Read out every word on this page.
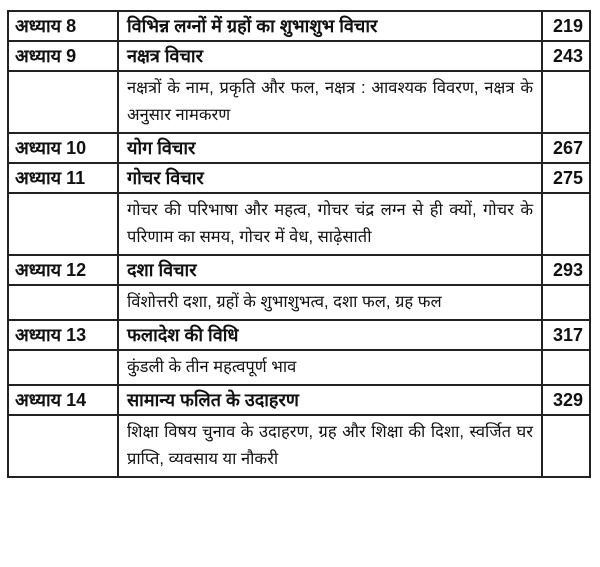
अध्याय 8	विभिन्न लग्नों में ग्रहों का शुभाशुभ विचार	219
अध्याय 9	नक्षत्र विचार	243
	नक्षत्रों के नाम, प्रकृति और फल, नक्षत्र : आवश्यक विवरण, नक्षत्र के अनुसार नामकरण	
अध्याय 10	योग विचार	267
अध्याय 11	गोचर विचार	275
	गोचर की परिभाषा और महत्व, गोचर चंद्र लग्न से ही क्यों, गोचर के परिणाम का समय, गोचर में वेध, साढ़ेसाती	
अध्याय 12	दशा विचार	293
	विंशोत्तरी दशा, ग्रहों के शुभाशुभत्व, दशा फल, ग्रह फल	
अध्याय 13	फलादेश की विधि	317
	कुंडली के तीन महत्वपूर्ण भाव	
अध्याय 14	सामान्य फलित के उदाहरण	329
	शिक्षा विषय चुनाव के उदाहरण, ग्रह और शिक्षा की दिशा, स्वर्जित घर प्राप्ति, व्यवसाय या नौकरी	
